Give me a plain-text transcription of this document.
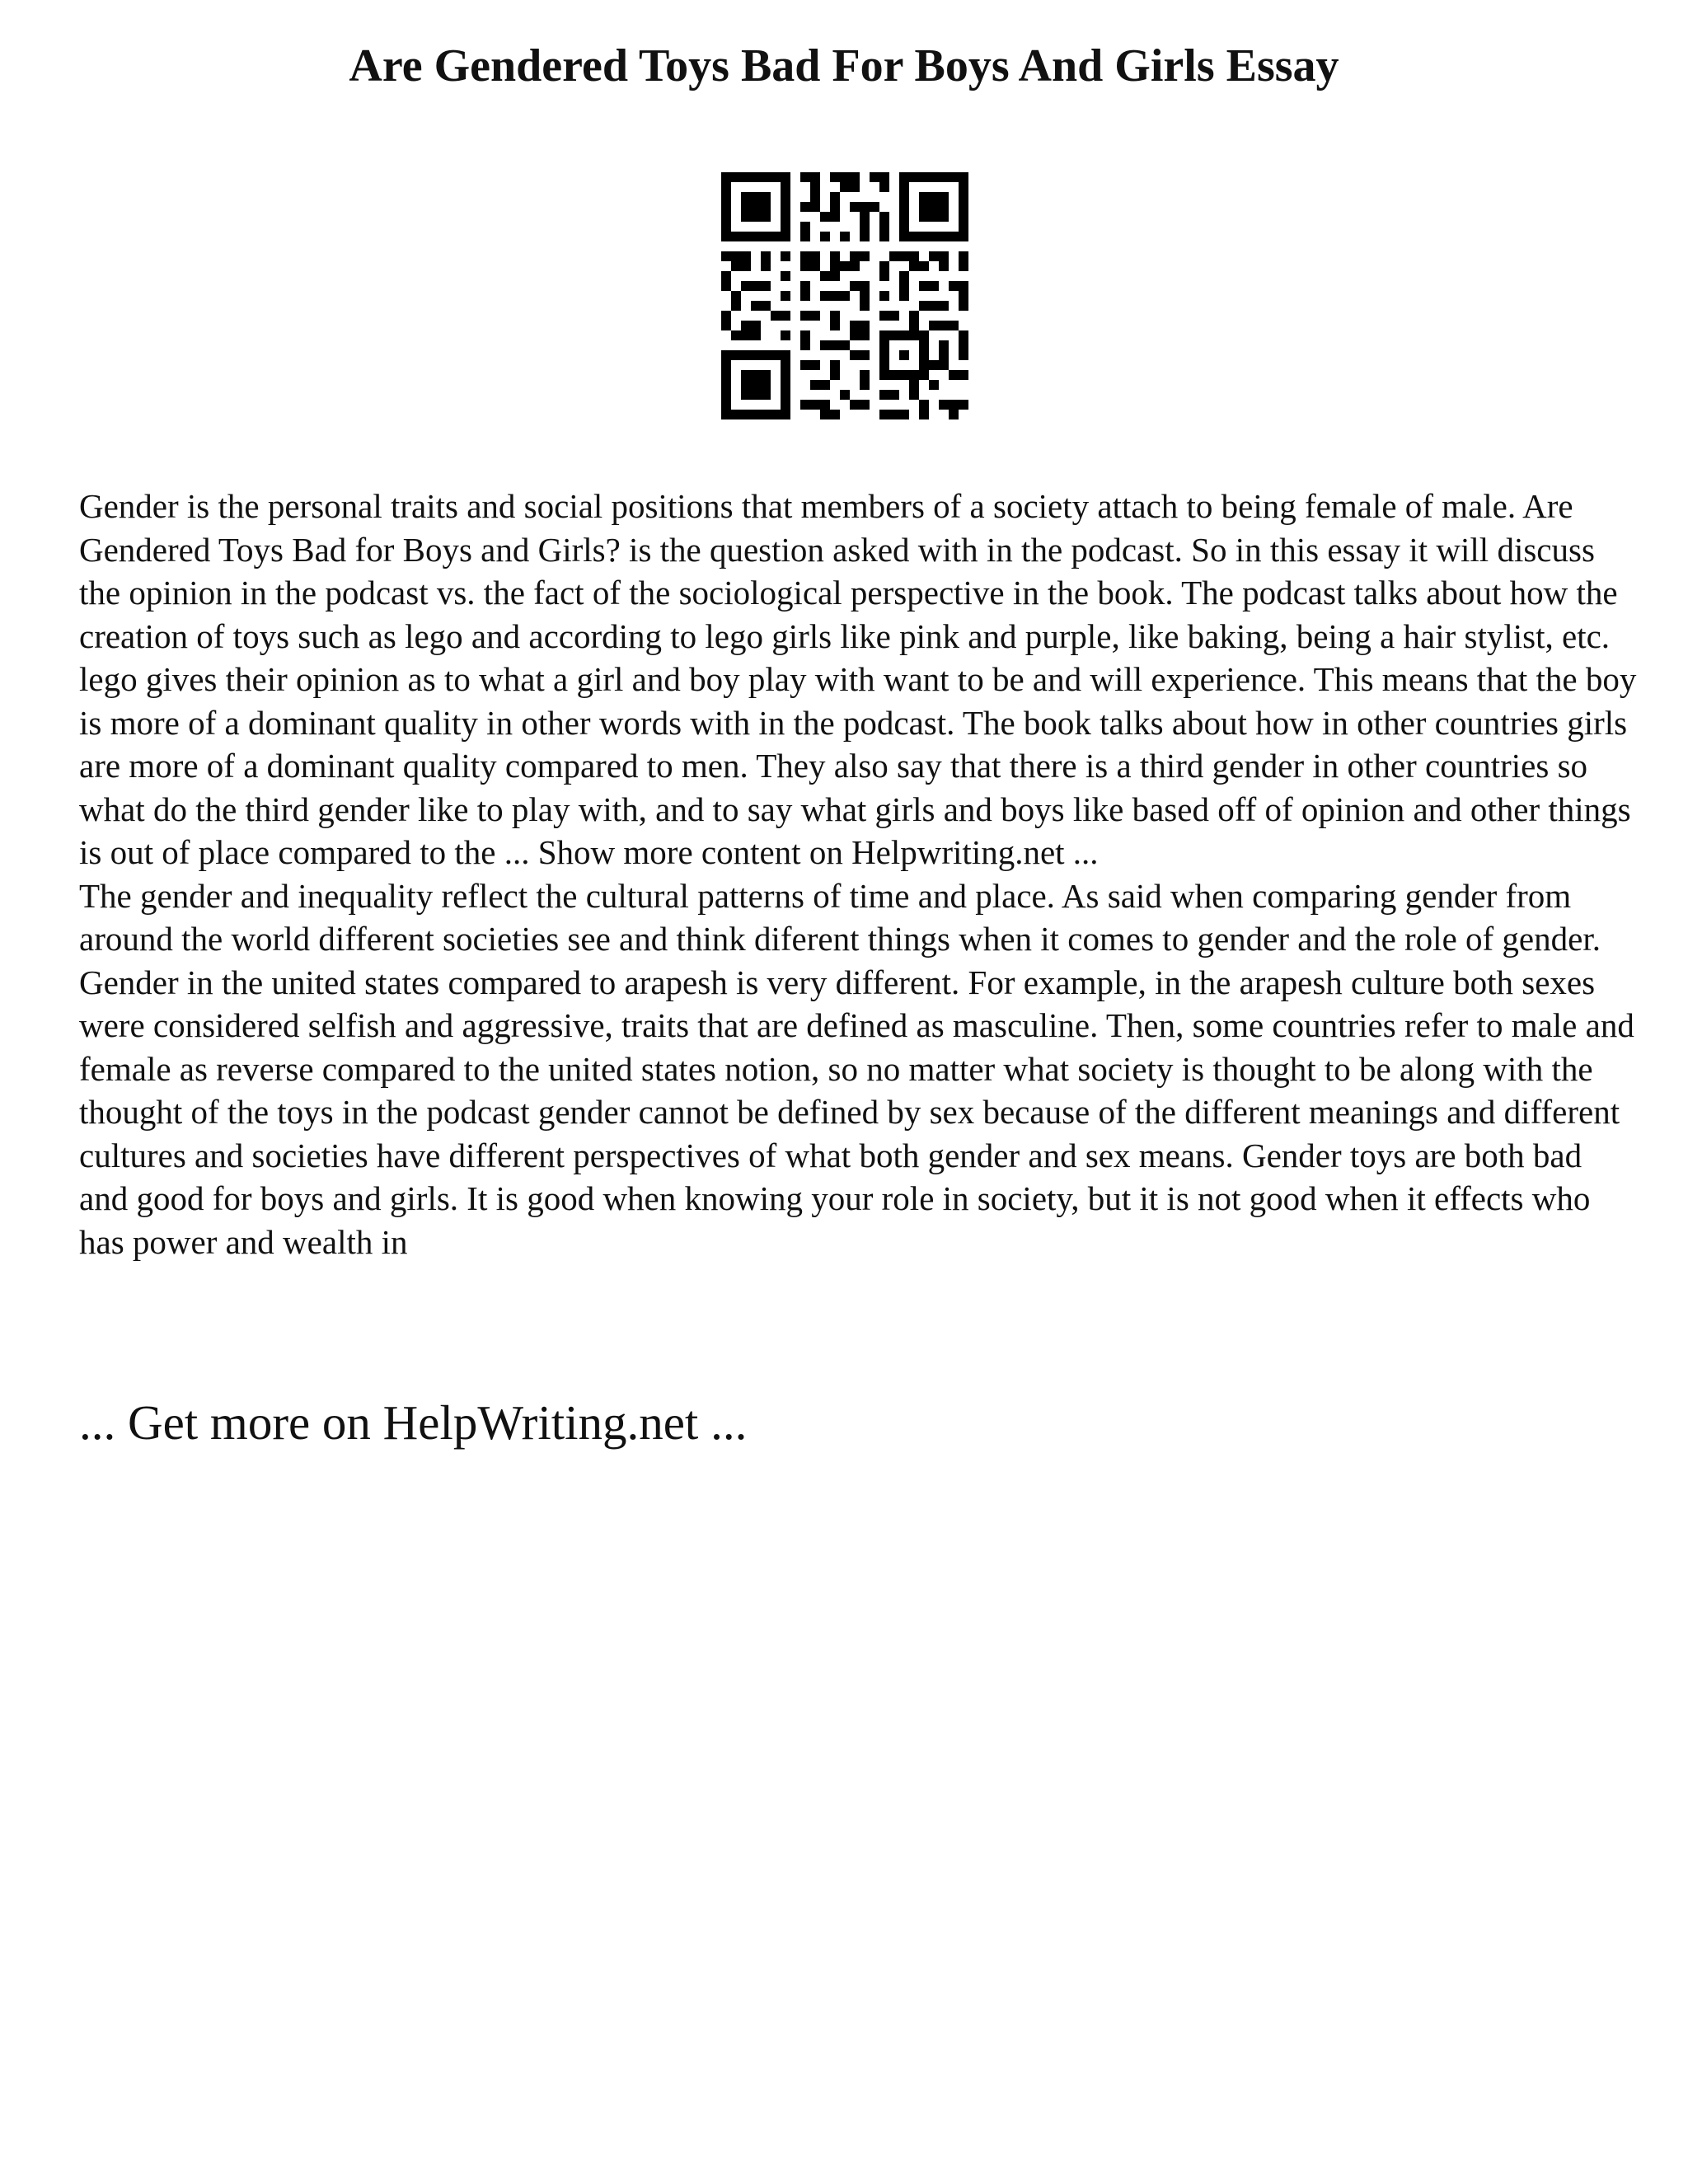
Are Gendered Toys Bad For Boys And Girls Essay

Gender is the personal traits and social positions that members of a society attach to being female of male. Are Gendered Toys Bad for Boys and Girls? is the question asked with in the podcast. So in this essay it will discuss the opinion in the podcast vs. the fact of the sociological perspective in the book. The podcast talks about how the creation of toys such as lego and according to lego girls like pink and purple, like baking, being a hair stylist, etc. lego gives their opinion as to what a girl and boy play with want to be and will experience. This means that the boy is more of a dominant quality in other words with in the podcast. The book talks about how in other countries girls are more of a dominant quality compared to men. They also say that there is a third gender in other countries so what do the third gender like to play with, and to say what girls and boys like based off of opinion and other things is out of place compared to the ... Show more content on Helpwriting.net ...

The gender and inequality reflect the cultural patterns of time and place. As said when comparing gender from around the world different societies see and think diferent things when it comes to gender and the role of gender. Gender in the united states compared to arapesh is very different. For example, in the arapesh culture both sexes were considered selfish and aggressive, traits that are defined as masculine. Then, some countries refer to male and female as reverse compared to the united states notion, so no matter what society is thought to be along with the thought of the toys in the podcast gender cannot be defined by sex because of the different meanings and different cultures and societies have different perspectives of what both gender and sex means. Gender toys are both bad and good for boys and girls. It is good when knowing your role in society, but it is not good when it effects who has power and wealth in

... Get more on HelpWriting.net ...
